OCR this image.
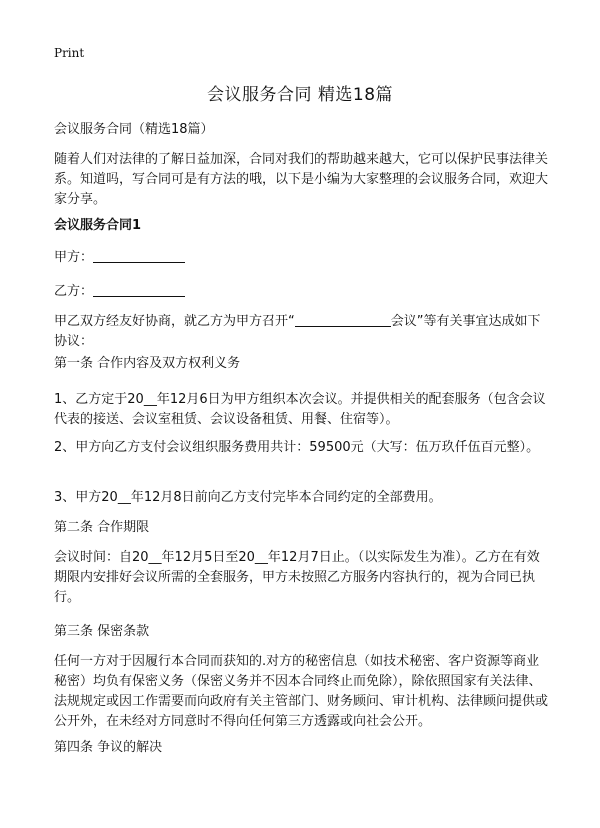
Print
会议服务合同 精选18篇

会议服务合同（精选18篇）

随着人们对法律的了解日益加深，合同对我们的帮助越来越大，它可以保护民事法律关系。知道吗，写合同可是有方法的哦，以下是小编为大家整理的会议服务合同，欢迎大家分享。

会议服务合同1

甲方：

乙方：

甲乙双方经友好协商，就乙方为甲方召开“	会议”等有关事宜达成如下协议：

第一条 合作内容及双方权利义务

1、乙方定于20__年12月6日为甲方组织本次会议。并提供相关的配套服务（包含会议代表的接送、会议室租赁、会议设备租赁、用餐、住宿等）。

2、甲方向乙方支付会议组织服务费用共计：59500元（大写：伍万玖仟伍百元整）。

3、甲方20__年12月8日前向乙方支付完毕本合同约定的全部费用。

第二条 合作期限

会议时间：自20__年12月5日至20__年12月7日止。（以实际发生为准）。乙方在有效期限内安排好会议所需的全套服务，甲方未按照乙方服务内容执行的，视为合同已执行。

第三条 保密条款

任何一方对于因履行本合同而获知的.对方的秘密信息（如技术秘密、客户资源等商业秘密）均负有保密义务（保密义务并不因本合同终止而免除），除依照国家有关法律、法规规定或因工作需要而向政府有关主管部门、财务顾问、审计机构、法律顾问提供或公开外，在未经对方同意时不得向任何第三方透露或向社会公开。

第四条 争议的解决
